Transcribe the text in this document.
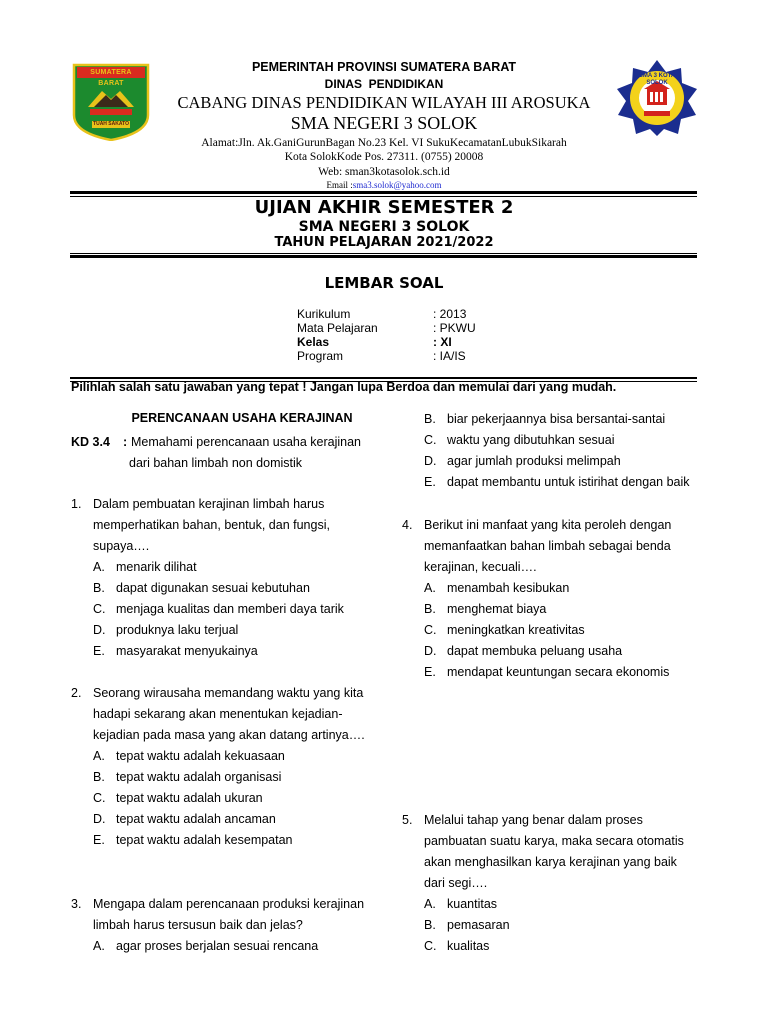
SUMATERA BARAT
TUAH SAKATO
SMA 3 KOTA SOLOK
PEMERINTAH PROVINSI SUMATERA BARAT
DINAS  PENDIDIKAN
CABANG DINAS PENDIDIKAN WILAYAH III AROSUKA
SMA NEGERI 3 SOLOK
Alamat:Jln. Ak.GaniGurunBagan No.23 Kel. VI SukuKecamatanLubukSikarah
Kota SolokKode Pos. 27311. (0755) 20008
Web: sman3kotasolok.sch.id
Email :sma3.solok@yahoo.com
UJIAN AKHIR SEMESTER 2
SMA NEGERI 3 SOLOK
TAHUN PELAJARAN 2021/2022
LEMBAR SOAL
Kurikulum	: 2013
Mata Pelajaran	: PKWU
Kelas	: XI
Program	: IA/IS
Pilihlah salah satu jawaban yang tepat ! Jangan lupa Berdoa dan memulai dari yang mudah.
PERENCANAAN USAHA KERAJINAN
KD 3.4 : Memahami perencanaan usaha kerajinan
dari bahan limbah non domistik
1. Dalam pembuatan kerajinan limbah harus memperhatikan bahan, bentuk, dan fungsi, supaya….
A. menarik dilihat
B. dapat digunakan sesuai kebutuhan
C. menjaga kualitas dan memberi daya tarik
D. produknya laku terjual
E. masyarakat menyukainya
2. Seorang wirausaha memandang waktu yang kita hadapi sekarang akan menentukan kejadian-kejadian pada masa yang akan datang artinya….
A. tepat waktu adalah kekuasaan
B. tepat waktu adalah organisasi
C. tepat waktu adalah ukuran
D. tepat waktu adalah ancaman
E. tepat waktu adalah kesempatan
3. Mengapa dalam perencanaan produksi kerajinan limbah harus tersusun baik dan jelas?
A. agar proses berjalan sesuai rencana
B. biar pekerjaannya bisa bersantai-santai
C. waktu yang dibutuhkan sesuai
D. agar jumlah produksi melimpah
E. dapat membantu untuk istirihat dengan baik
4. Berikut ini manfaat yang kita peroleh dengan memanfaatkan bahan limbah sebagai benda kerajinan, kecuali….
A. menambah kesibukan
B. menghemat biaya
C. meningkatkan kreativitas
D. dapat membuka peluang usaha
E. mendapat keuntungan secara ekonomis
5. Melalui tahap yang benar dalam proses pambuatan suatu karya, maka secara otomatis akan menghasilkan karya kerajinan yang baik dari segi….
A. kuantitas
B. pemasaran
C. kualitas
